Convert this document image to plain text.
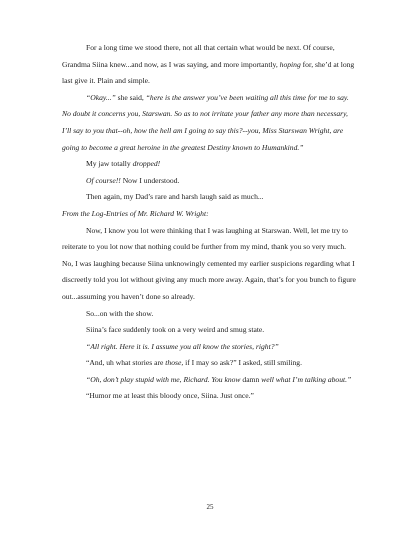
For a long time we stood there, not all that certain what would be next. Of course,
Grandma Siina knew...and now, as I was saying, and more importantly, hoping for, she’d at long
last give it. Plain and simple.
“Okay...” she said, “here is the answer you’ve been waiting all this time for me to say.
No doubt it concerns you, Starswan. So as to not irritate your father any more than necessary,
I’ll say to you that--oh, how the hell am I going to say this?--you, Miss Starswan Wright, are
going to become a great heroine in the greatest Destiny known to Humankind.”
My jaw totally dropped!
Of course!! Now I understood.
Then again, my Dad’s rare and harsh laugh said as much...
From the Log-Entries of Mr. Richard W. Wright:
Now, I know you lot were thinking that I was laughing at Starswan. Well, let me try to
reiterate to you lot now that nothing could be further from my mind, thank you so very much.
No, I was laughing because Siina unknowingly cemented my earlier suspicions regarding what I
discreetly told you lot without giving any much more away. Again, that’s for you bunch to figure
out...assuming you haven’t done so already.
So...on with the show.
Siina’s face suddenly took on a very weird and smug state.
“All right. Here it is. I assume you all know the stories, right?”
“And, uh what stories are those, if I may so ask?” I asked, still smiling.
“Oh, don’t play stupid with me, Richard. You know damn well what I’m talking about.”
“Humor me at least this bloody once, Siina. Just once.”
25
